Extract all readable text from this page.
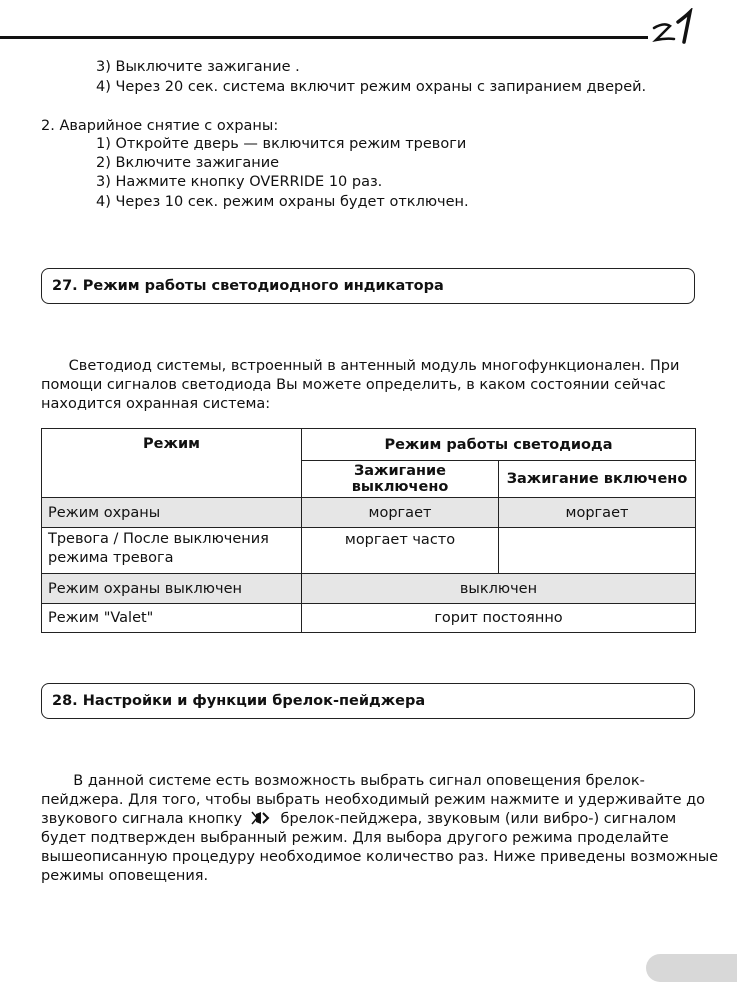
3) Выключите зажигание .
4) Через 20 сек. система включит режим охраны с запиранием дверей.
2. Аварийное снятие с охраны:
1) Откройте дверь — включится режим тревоги
2) Включите зажигание
3) Нажмите кнопку OVERRIDE 10 раз.
4) Через 10 сек. режим охраны будет отключен.
27. Режим работы светодиодного индикатора
Светодиод системы, встроенный в антенный модуль многофункционален. При
помощи сигналов светодиода Вы можете определить, в каком состоянии сейчас
находится охранная система:
Режим	Режим работы светодиода	
	Зажигание выключено	Зажигание включено
Режим охраны	моргает	моргает
Тревога / После выключения
режима тревога	моргает часто	
Режим охраны выключен	выключен	
Режим "Valet"	горит постоянно	
28. Настройки и функции брелок-пейджера
В данной системе есть возможность выбрать сигнал оповещения брелок-
пейджера. Для того, чтобы выбрать необходимый режим нажмите и удерживайте до
звукового сигнала кнопку	брелок-пейджера, звуковым (или вибро-) сигналом
будет подтвержден выбранный режим. Для выбора другого режима проделайте
вышеописанную процедуру необходимое количество раз. Ниже приведены возможные
режимы оповещения.
